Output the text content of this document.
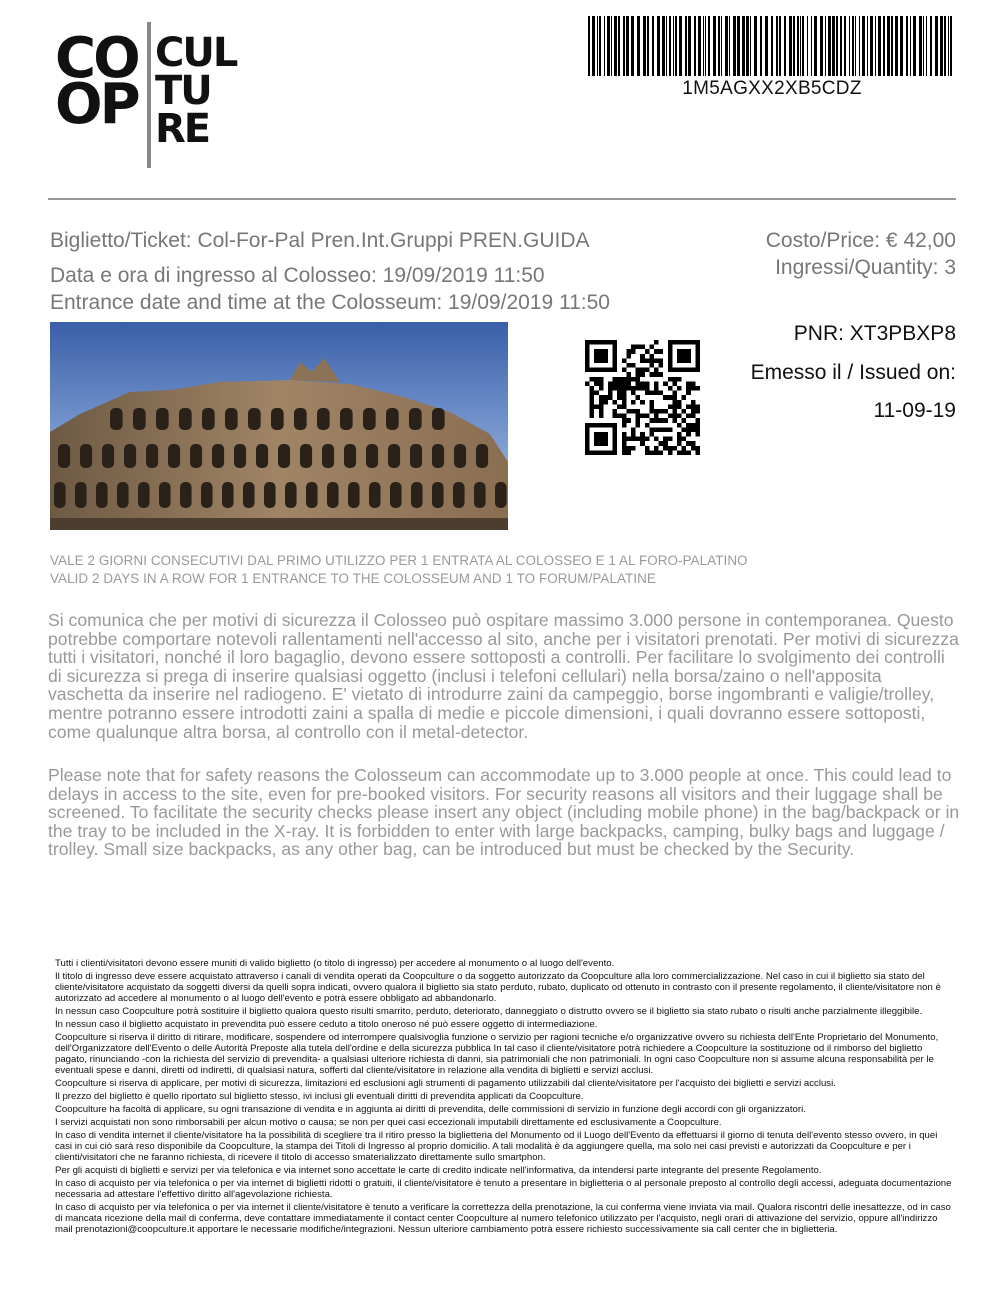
CO
OP
CUL
TU
RE
1M5AGXX2XB5CDZ
Biglietto/Ticket: Col-For-Pal Pren.Int.Gruppi PREN.GUIDA
Data e ora di ingresso al Colosseo: 19/09/2019 11:50
Entrance date and time at the Colosseum: 19/09/2019 11:50
Costo/Price: € 42,00
Ingressi/Quantity: 3
PNR: XT3PBXP8
Emesso il / Issued on:
11-09-19
VALE 2 GIORNI CONSECUTIVI DAL PRIMO UTILIZZO PER 1 ENTRATA AL COLOSSEO E 1 AL FORO-PALATINO
VALID 2 DAYS IN A ROW FOR 1 ENTRANCE TO THE COLOSSEUM AND 1 TO FORUM/PALATINE
Si comunica che per motivi di sicurezza il Colosseo può ospitare massimo 3.000 persone in contemporanea. Questo potrebbe comportare notevoli rallentamenti nell'accesso al sito, anche per i visitatori prenotati. Per motivi di sicurezza tutti i visitatori, nonché il loro bagaglio, devono essere sottoposti a controlli. Per facilitare lo svolgimento dei controlli di sicurezza si prega di inserire qualsiasi oggetto (inclusi i telefoni cellulari) nella borsa/zaino o nell'apposita vaschetta da inserire nel radiogeno. E' vietato di introdurre zaini da campeggio, borse ingombranti e valigie/trolley, mentre potranno essere introdotti zaini a spalla di medie e piccole dimensioni, i quali dovranno essere sottoposti, come qualunque altra borsa, al controllo con il metal-detector.
Please note that for safety reasons the Colosseum can accommodate up to 3.000 people at once. This could lead to delays in access to the site, even for pre-booked visitors. For security reasons all visitors and their luggage shall be screened. To facilitate the security checks please insert any object (including mobile phone) in the bag/backpack or in the tray to be included in the X-ray. It is forbidden to enter with large backpacks, camping, bulky bags and luggage / trolley. Small size backpacks, as any other bag, can be introduced but must be checked by the Security.

Tutti i clienti/visitatori devono essere muniti di valido biglietto (o titolo di ingresso) per accedere al monumento o al luogo dell'evento.

Il titolo di ingresso deve essere acquistato attraverso i canali di vendita operati da Coopculture o da soggetto autorizzato da Coopculture alla loro commercializzazione. Nel caso in cui il biglietto sia stato del cliente/visitatore acquistato da soggetti diversi da quelli sopra indicati, ovvero qualora il biglietto sia stato perduto, rubato, duplicato od ottenuto in contrasto con il presente regolamento, il cliente/visitatore non è autorizzato ad accedere al monumento o al luogo dell'evento e potrà essere obbligato ad abbandonarlo.

In nessun caso Coopculture potrà sostituire il biglietto qualora questo risulti smarrito, perduto, deteriorato, danneggiato o distrutto ovvero se il biglietto sia stato rubato o risulti anche parzialmente illeggibile.

In nessun caso il biglietto acquistato in prevendita può essere ceduto a titolo oneroso né può essere oggetto di intermediazione.

Coopculture si riserva il diritto di ritirare, modificare, sospendere od interrompere qualsivoglia funzione o servizio per ragioni tecniche e/o organizzative ovvero su richiesta dell'Ente Proprietario del Monumento, dell'Organizzatore dell'Evento o delle Autorità Preposte alla tutela dell'ordine e della sicurezza pubblica In tal caso il cliente/visitatore potrà richiedere a Coopculture la sostituzione od il rimborso del biglietto pagato, rinunciando -con la richiesta del servizio di prevendita- a qualsiasi ulteriore richiesta di danni, sia patrimoniali che non patrimoniali. In ogni caso Coopculture non si assume alcuna responsabilità per le eventuali spese e danni, diretti od indiretti, di qualsiasi natura, sofferti dal cliente/visitatore in relazione alla vendita di biglietti e servizi acclusi.

Coopculture si riserva di applicare, per motivi di sicurezza, limitazioni ed esclusioni agli strumenti di pagamento utilizzabili dal cliente/visitatore per l'acquisto dei biglietti e servizi acclusi.

Il prezzo del biglietto è quello riportato sul biglietto stesso, ivi inclusi gli eventuali diritti di prevendita applicati da Coopculture.

Coopculture ha facoltà di applicare, su ogni transazione di vendita e in aggiunta ai diritti di prevendita, delle commissioni di servizio in funzione degli accordi con gli organizzatori.

I servizi acquistati non sono rimborsabili per alcun motivo o causa; se non per quei casi eccezionali imputabili direttamente ed esclusivamente a Coopculture.

In caso di vendita internet il cliente/visitatore ha la possibilità di scegliere tra il ritiro presso la biglietteria del Monumento od il Luogo dell'Evento da effettuarsi il giorno di tenuta dell'evento stesso ovvero, in quei casi in cui ciò sarà reso disponibile da Coopculture, la stampa dei Titoli di Ingresso al proprio domicilio. A tali modalità è da aggiungere quella, ma solo nei casi previsti e autorizzati da Coopculture e per i clienti/visitatori che ne faranno richiesta, di ricevere il titolo di accesso smaterializzato direttamente sullo smartphon.

Per gli acquisti di biglietti e servizi per via telefonica e via internet sono accettate le carte di credito indicate nell'informativa, da intendersi parte integrante del presente Regolamento.

In caso di acquisto per via telefonica o per via internet di biglietti ridotti o gratuiti, il cliente/visitatore è tenuto a presentare in biglietteria o al personale preposto al controllo degli accessi, adeguata documentazione necessaria ad attestare l'effettivo diritto all'agevolazione richiesta.

In caso di acquisto per via telefonica o per via internet il cliente/visitatore è tenuto a verificare la correttezza della prenotazione, la cui conferma viene inviata via mail. Qualora riscontri delle inesattezze, od in caso di mancata ricezione della mail di conferma, deve contattare immediatamente il contact center Coopculture al numero telefonico utilizzato per l'acquisto, negli orari di attivazione del servizio, oppure all'indirizzo mail prenotazioni@coopculture.it apportare le necessarie modifiche/integrazioni. Nessun ulteriore cambiamento potrà essere richiesto successivamente sia call center che in biglietteria.
